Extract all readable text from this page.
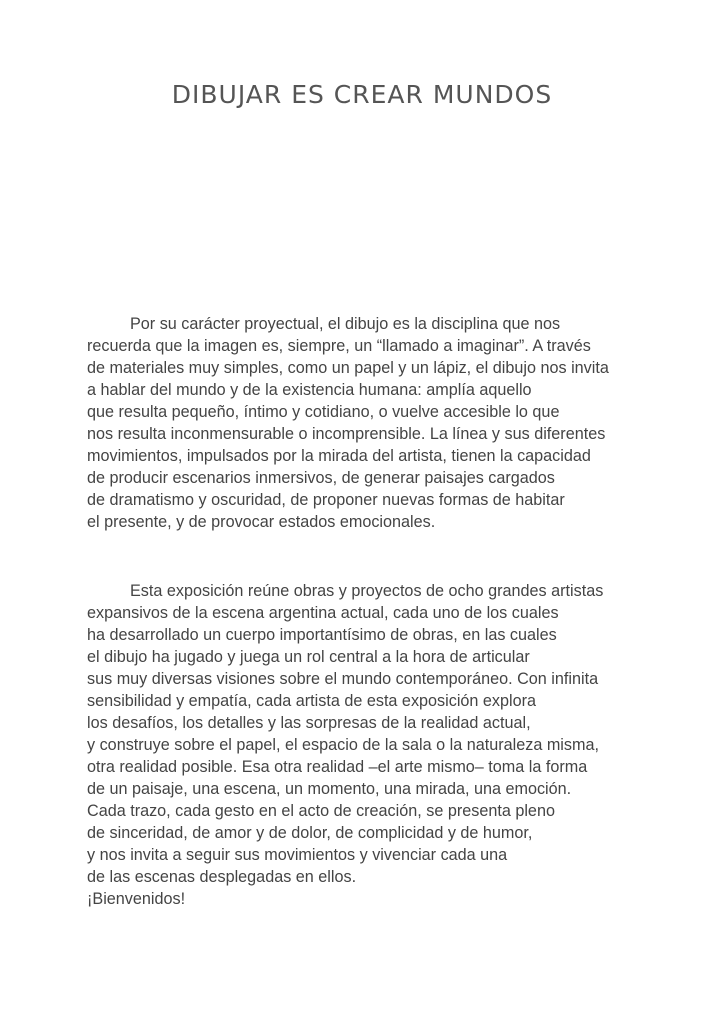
DIBUJAR ES CREAR MUNDOS
Por su carácter proyectual, el dibujo es la disciplina que nos
recuerda que la imagen es, siempre, un “llamado a imaginar”. A través
de materiales muy simples, como un papel y un lápiz, el dibujo nos invita
a hablar del mundo y de la existencia humana: amplía aquello
que resulta pequeño, íntimo y cotidiano, o vuelve accesible lo que
nos resulta inconmensurable o incomprensible. La línea y sus diferentes
movimientos, impulsados por la mirada del artista, tienen la capacidad
de producir escenarios inmersivos, de generar paisajes cargados
de dramatismo y oscuridad, de proponer nuevas formas de habitar
el presente, y de provocar estados emocionales.
Esta exposición reúne obras y proyectos de ocho grandes artistas
expansivos de la escena argentina actual, cada uno de los cuales
ha desarrollado un cuerpo importantísimo de obras, en las cuales
el dibujo ha jugado y juega un rol central a la hora de articular
sus muy diversas visiones sobre el mundo contemporáneo. Con infinita
sensibilidad y empatía, cada artista de esta exposición explora
los desafíos, los detalles y las sorpresas de la realidad actual,
y construye sobre el papel, el espacio de la sala o la naturaleza misma,
otra realidad posible. Esa otra realidad –el arte mismo– toma la forma
de un paisaje, una escena, un momento, una mirada, una emoción.
Cada trazo, cada gesto en el acto de creación, se presenta pleno
de sinceridad, de amor y de dolor, de complicidad y de humor,
y nos invita a seguir sus movimientos y vivenciar cada una
de las escenas desplegadas en ellos.
¡Bienvenidos!
